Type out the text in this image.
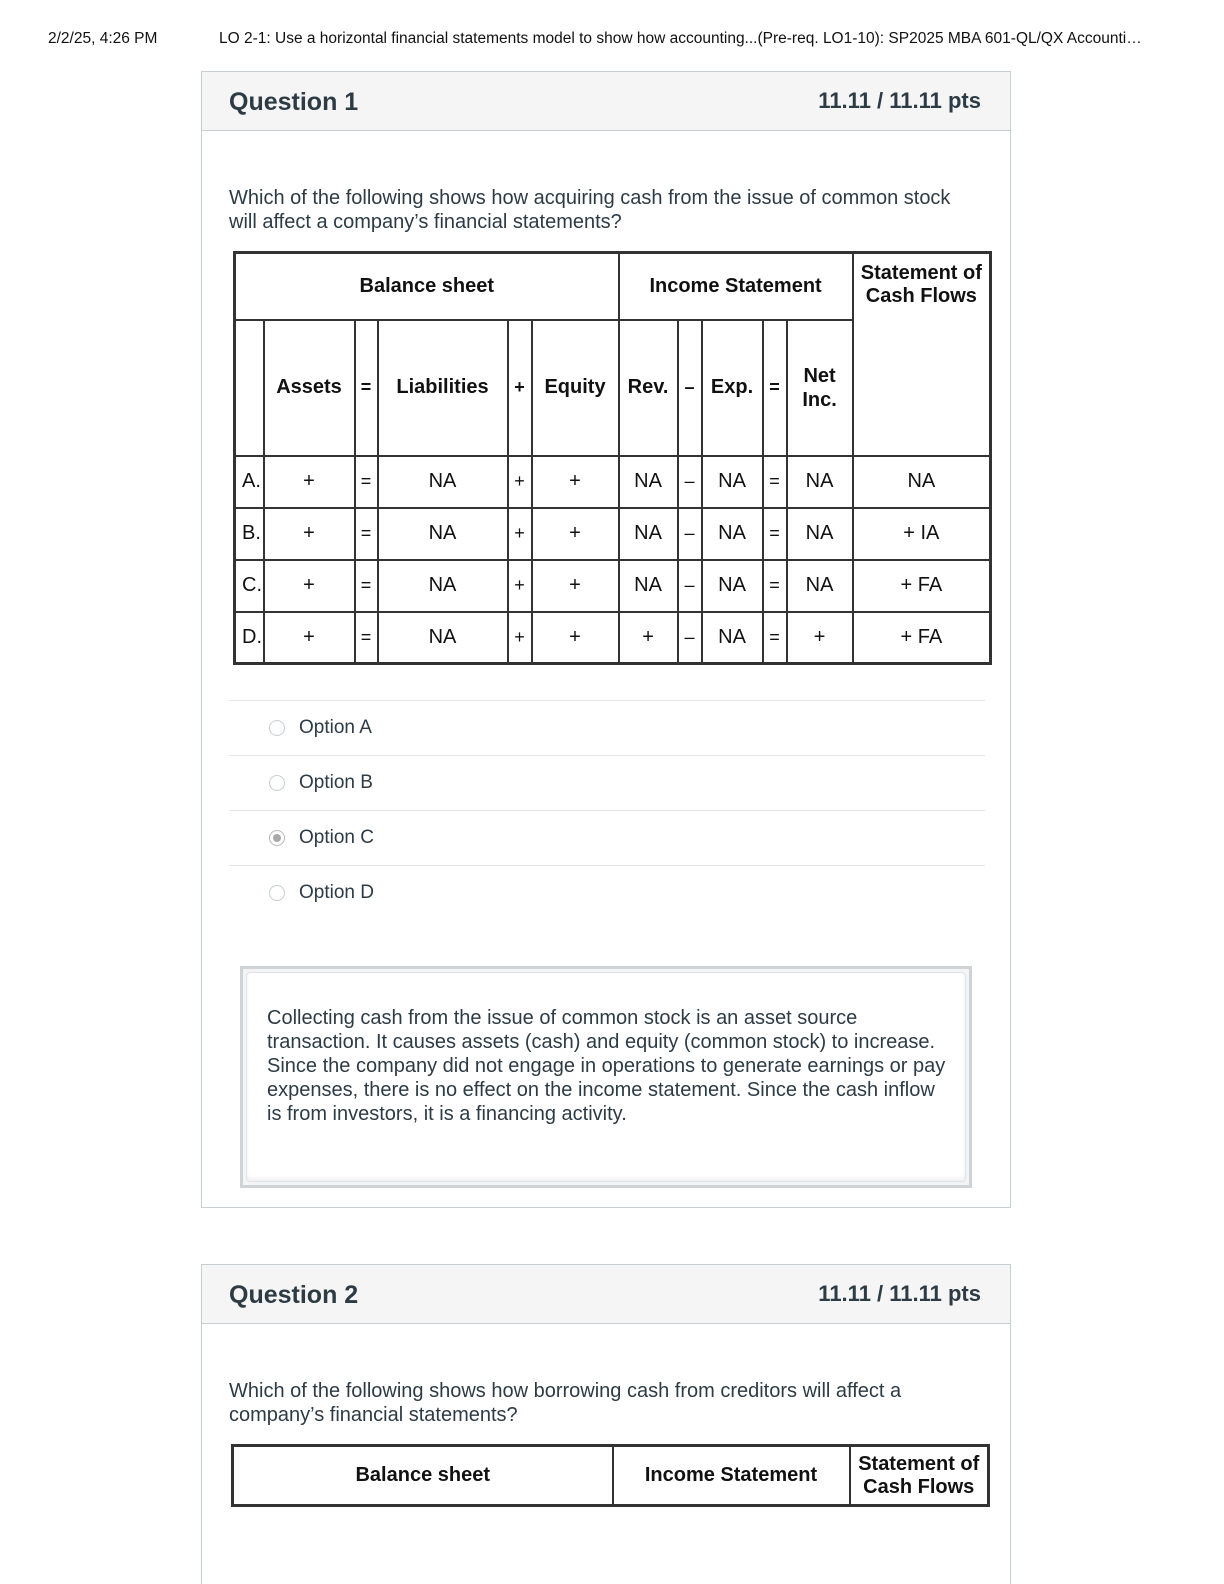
2/2/25, 4:26 PM	LO 2-1: Use a horizontal financial statements model to show how accounting...(Pre-req. LO1-10): SP2025 MBA 601-QL/QX Accounti…
Question 1	11.11 / 11.11 pts
Which of the following shows how acquiring cash from the issue of common stock will affect a company’s financial statements?
Balance sheet						Income Statement					Statement of
Cash Flows

	Assets	=	Liabilities	+	Equity	Rev.	–	Exp.	=	Net
Inc.	

A.	+	=	NA	+	+	NA	–	NA	=	NA	NA
B.	+	=	NA	+	+	NA	–	NA	=	NA	+ IA
C.	+	=	NA	+	+	NA	–	NA	=	NA	+ FA
D.	+	=	NA	+	+	+	–	NA	=	+	+ FA
Option A
Option B
Option C
Option D
Collecting cash from the issue of common stock is an asset source transaction. It causes assets (cash) and equity (common stock) to increase. Since the company did not engage in operations to generate earnings or pay expenses, there is no effect on the income statement. Since the cash inflow is from investors, it is a financing activity.
Question 2	11.11 / 11.11 pts
Which of the following shows how borrowing cash from creditors will affect a company’s financial statements?
Balance sheet	Income Statement	
Statement of
Cash Flows
